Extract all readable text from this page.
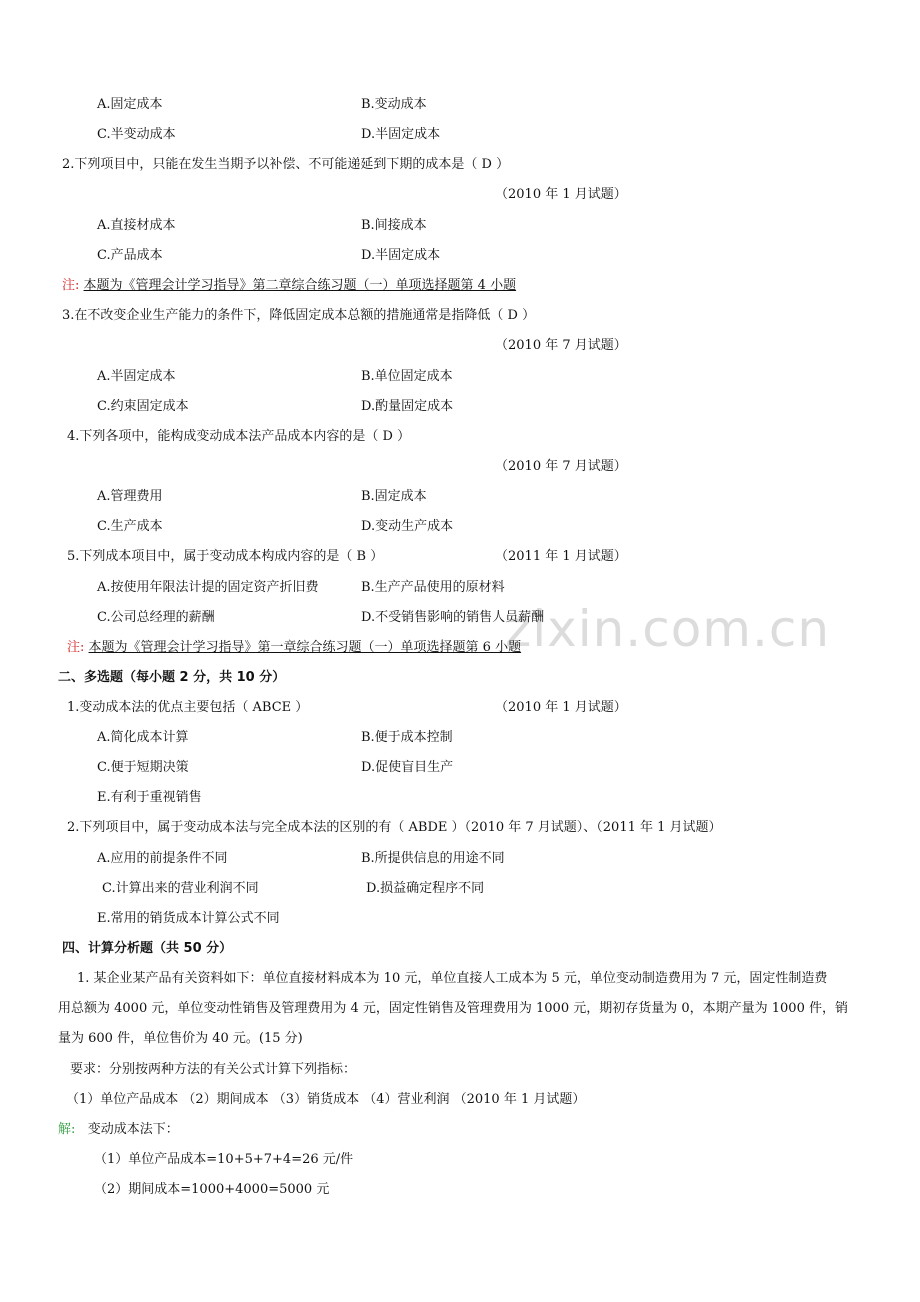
zixin.com.cn
A.固定成本	B.变动成本
C.半变动成本	D.半固定成本
2.下列项目中，只能在发生当期予以补偿、不可能递延到下期的成本是（ D ）
（2010 年 1 月试题）
A.直接材成本	B.间接成本
C.产品成本	D.半固定成本
注: 本题为《管理会计学习指导》第二章综合练习题（一）单项选择题第 4 小题
3.在不改变企业生产能力的条件下，降低固定成本总额的措施通常是指降低（ D ）
（2010 年 7 月试题）
A.半固定成本	B.单位固定成本
C.约束固定成本	D.酌量固定成本
4.下列各项中，能构成变动成本法产品成本内容的是（ D ）
（2010 年 7 月试题）
A.管理费用	B.固定成本
C.生产成本	D.变动生产成本
5.下列成本项目中，属于变动成本构成内容的是（ B ）	（2011 年 1 月试题）
A.按使用年限法计提的固定资产折旧费	B.生产产品使用的原材料
C.公司总经理的薪酬	D.不受销售影响的销售人员薪酬
注: 本题为《管理会计学习指导》第一章综合练习题（一）单项选择题第 6 小题
二、多选题（每小题 2 分，共 10 分）
1.变动成本法的优点主要包括（ ABCE ）	（2010 年 1 月试题）
A.简化成本计算	B.便于成本控制
C.便于短期决策	D.促使盲目生产
E.有利于重视销售
2.下列项目中，属于变动成本法与完全成本法的区别的有（ ABDE ）（2010 年 7 月试题）、（2011 年 1 月试题）
A.应用的前提条件不同	B.所提供信息的用途不同
C.计算出来的营业利润不同	D.损益确定程序不同
E.常用的销货成本计算公式不同
四、计算分析题（共 50 分）
1. 某企业某产品有关资料如下：单位直接材料成本为 10 元，单位直接人工成本为 5 元，单位变动制造费用为 7 元，固定性制造费
用总额为 4000 元，单位变动性销售及管理费用为 4 元，固定性销售及管理费用为 1000 元，期初存货量为 0，本期产量为 1000 件，销
量为 600 件，单位售价为 40 元。(15 分)
要求：分别按两种方法的有关公式计算下列指标：
（1）单位产品成本 （2）期间成本 （3）销货成本 （4）营业利润 （2010 年 1 月试题）
解: 变动成本法下：
（1）单位产品成本=10+5+7+4=26 元/件
（2）期间成本=1000+4000=5000 元
